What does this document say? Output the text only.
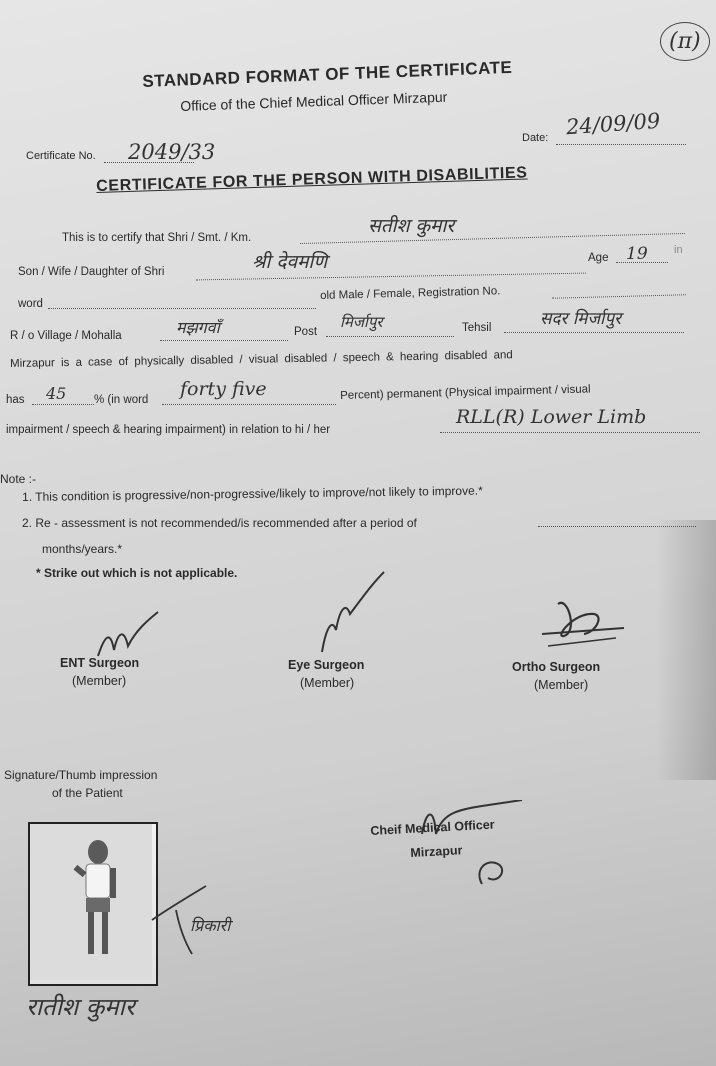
(π)
STANDARD FORMAT OF THE CERTIFICATE
Office of the Chief Medical Officer Mirzapur
Date: 24/09/09
Certificate No. 2049/33
CERTIFICATE FOR THE PERSON WITH DISABILITIES
This is to certify that Shri / Smt. / Km.
सतीश कुमार
Son / Wife / Daughter of Shri	श्री देवमणि	Age 19 in
word
old Male / Female, Registration No.
R / o Village / Mohalla	मझगवाँ	Post
मिर्जापुर	Tehsil	सदर मिर्जापुर
Mirzapur is a case of physically disabled / visual disabled / speech & hearing disabled and
has 45 % (in word forty five	Percent) permanent (Physical impairment / visual
impairment / speech & hearing impairment) in relation to hi / her
RLL(R) Lower Limb
Note :-
1. This condition is progressive/non-progressive/likely to improve/not likely to improve.*
2. Re - assessment is not recommended/is recommended after a period of
months/years.*
* Strike out which is not applicable.
ENT Surgeon
(Member)
Eye Surgeon
(Member)
Ortho Surgeon
(Member)
Signature/Thumb impression
of the Patient
प्रिकारी
रातीश कुमार
Cheif Medical Officer
Mirzapur
